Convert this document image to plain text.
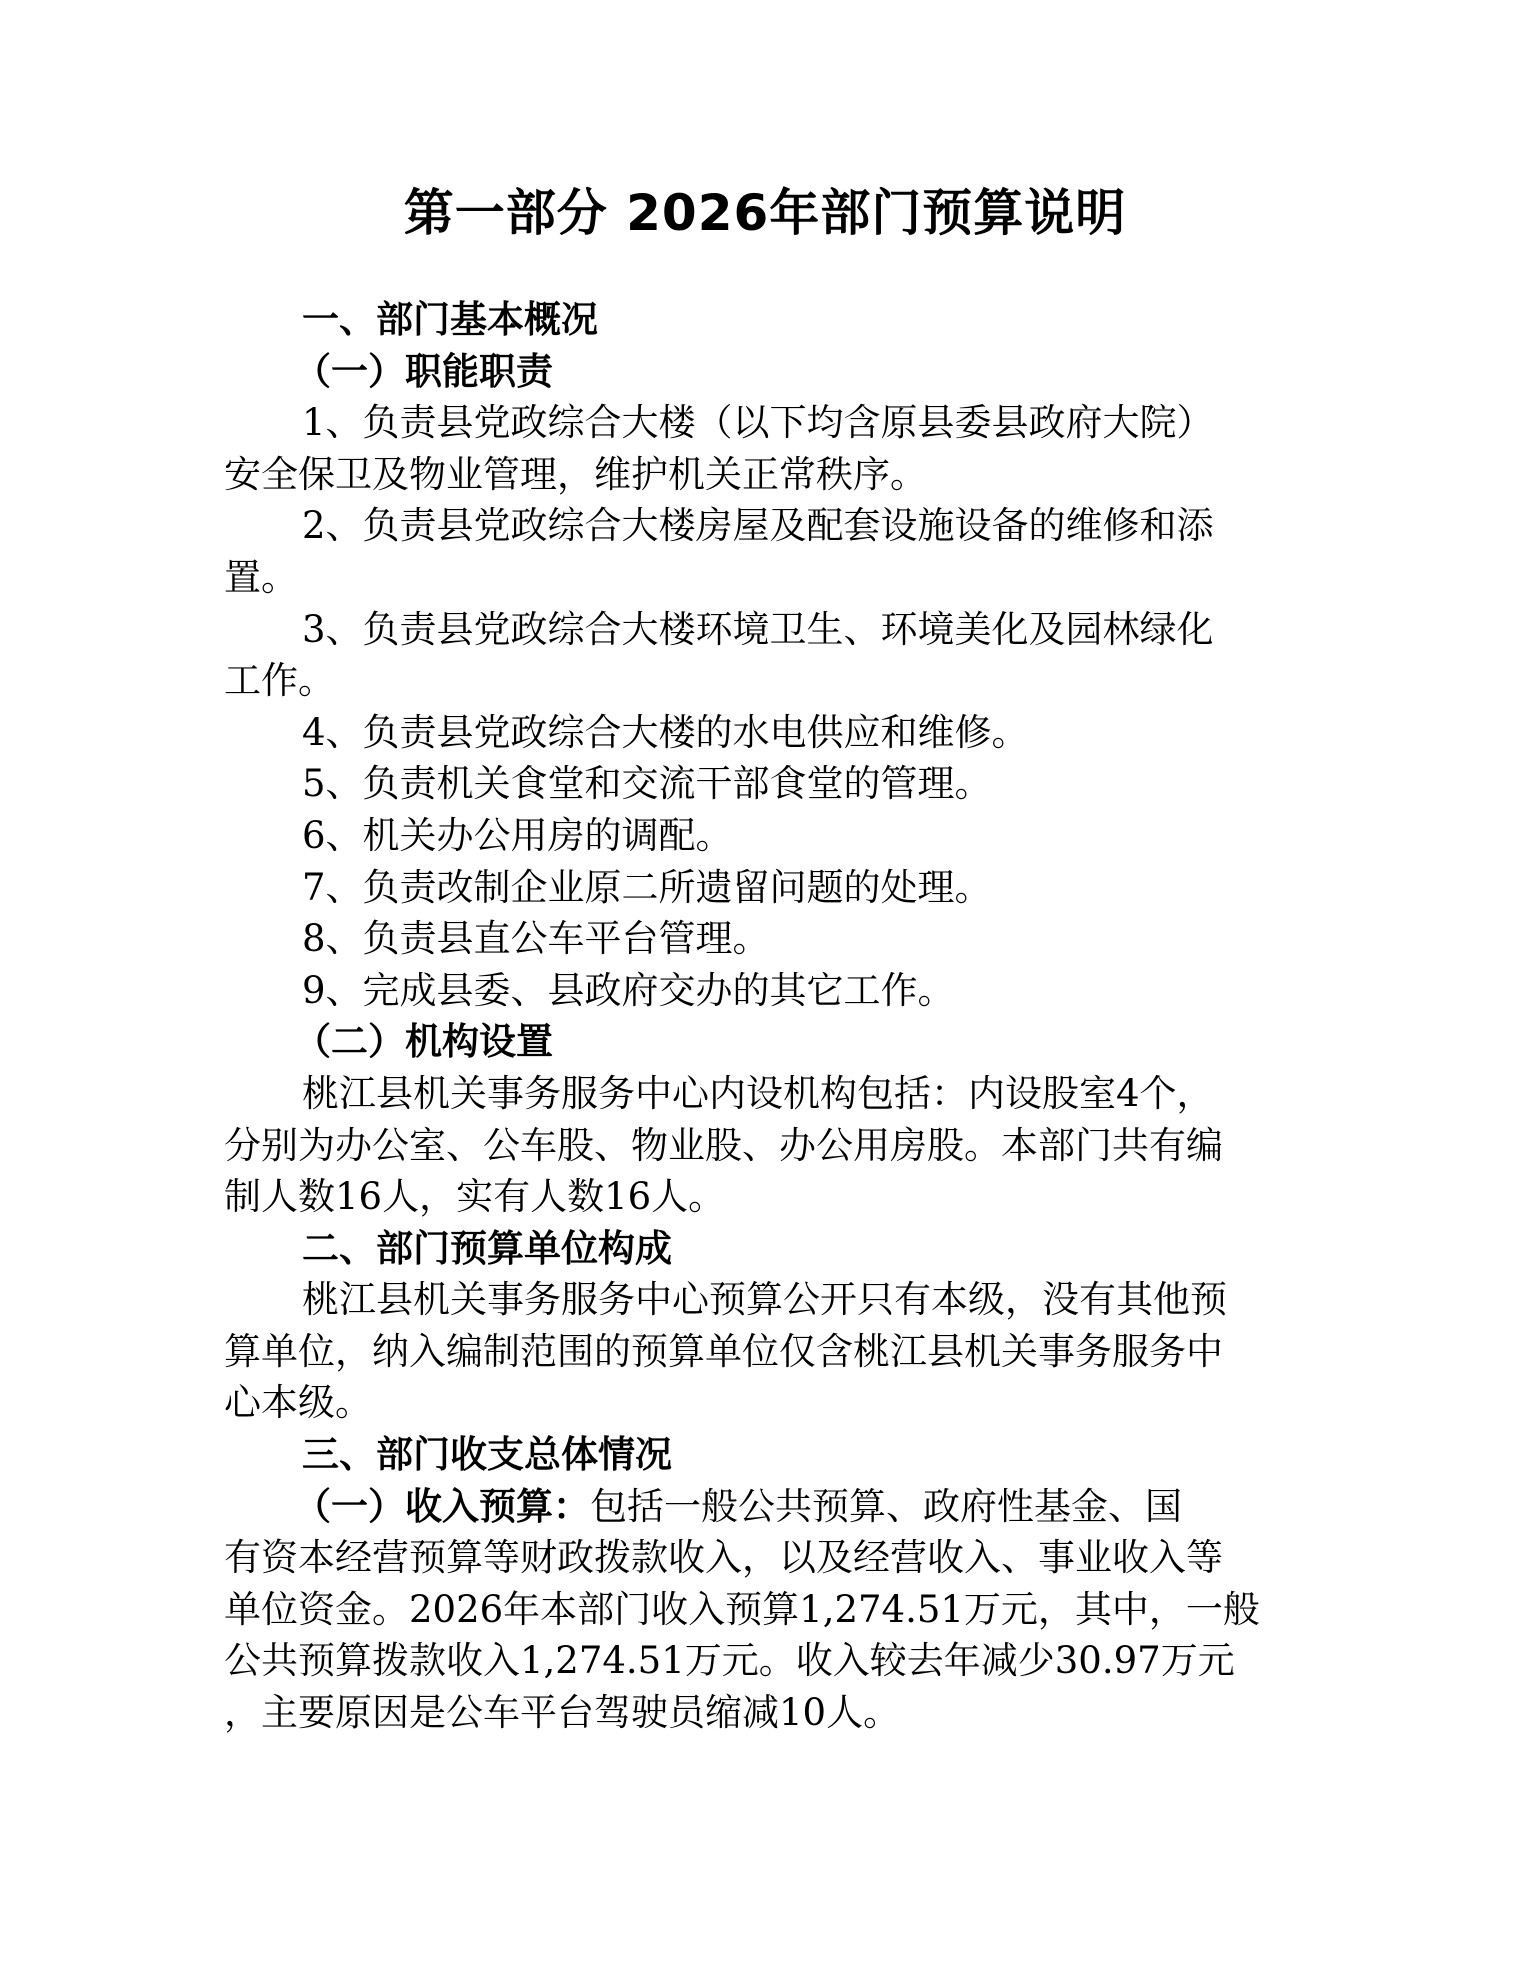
第一部分 2026年部门预算说明
一、部门基本概况
（一）职能职责
1、负责县党政综合大楼（以下均含原县委县政府大院）
安全保卫及物业管理，维护机关正常秩序。
2、负责县党政综合大楼房屋及配套设施设备的维修和添
置。
3、负责县党政综合大楼环境卫生、环境美化及园林绿化
工作。
4、负责县党政综合大楼的水电供应和维修。
5、负责机关食堂和交流干部食堂的管理。
6、机关办公用房的调配。
7、负责改制企业原二所遗留问题的处理。
8、负责县直公车平台管理。
9、完成县委、县政府交办的其它工作。
（二）机构设置
桃江县机关事务服务中心内设机构包括：内设股室4个，
分别为办公室、公车股、物业股、办公用房股。本部门共有编
制人数16人，实有人数16人。
二、部门预算单位构成
桃江县机关事务服务中心预算公开只有本级，没有其他预
算单位，纳入编制范围的预算单位仅含桃江县机关事务服务中
心本级。
三、部门收支总体情况
（一）收入预算：包括一般公共预算、政府性基金、国
有资本经营预算等财政拨款收入，以及经营收入、事业收入等
单位资金。2026年本部门收入预算1,274.51万元，其中，一般
公共预算拨款收入1,274.51万元。收入较去年减少30.97万元
，主要原因是公车平台驾驶员缩减10人。
